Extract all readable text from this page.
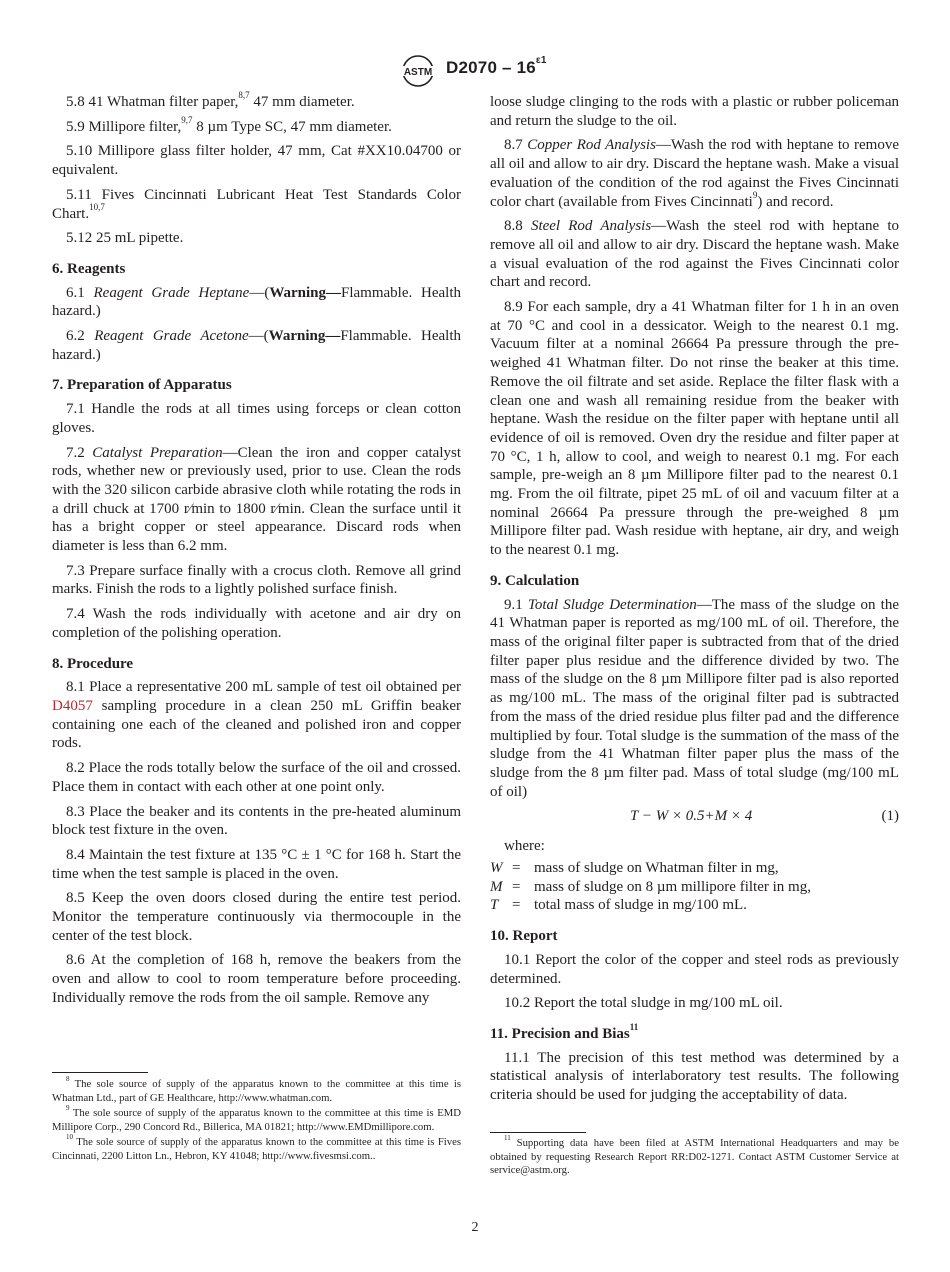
ASTM $D2070 - 16^{\varepsilon 1}$

5.8 41 Whatman filter paper,$^{8,7}$ 47 mm diameter.

5.9 Millipore filter,$^{9,7}$ 8 µm Type SC, 47 mm diameter.

5.10 Millipore glass filter holder, 47 mm, Cat #XX10.04700 or equivalent.

5.11 Fives Cincinnati Lubricant Heat Test Standards Color Chart.$^{10,7}$

5.12 25 mL pipette.

6. Reagents

6.1 Reagent Grade Heptane—(Warning—Flammable. Health hazard.)

6.2 Reagent Grade Acetone—(Warning—Flammable. Health hazard.)

7. Preparation of Apparatus

7.1 Handle the rods at all times using forceps or clean cotton gloves.

7.2 Catalyst Preparation—Clean the iron and copper catalyst rods, whether new or previously used, prior to use. Clean the rods with the 320 silicon carbide abrasive cloth while rotating the rods in a drill chuck at 1700 r⁄min to 1800 r⁄min. Clean the surface until it has a bright copper or steel appearance. Discard rods when diameter is less than 6.2 mm.

7.3 Prepare surface finally with a crocus cloth. Remove all grind marks. Finish the rods to a lightly polished surface finish.

7.4 Wash the rods individually with acetone and air dry on completion of the polishing operation.

8. Procedure

8.1 Place a representative 200 mL sample of test oil obtained per D4057 sampling procedure in a clean 250 mL Griffin beaker containing one each of the cleaned and polished iron and copper rods.

8.2 Place the rods totally below the surface of the oil and crossed. Place them in contact with each other at one point only.

8.3 Place the beaker and its contents in the pre-heated aluminum block test fixture in the oven.

8.4 Maintain the test fixture at 135 °C ± 1 °C for 168 h. Start the time when the test sample is placed in the oven.

8.5 Keep the oven doors closed during the entire test period. Monitor the temperature continuously via thermocouple in the center of the test block.

8.6 At the completion of 168 h, remove the beakers from the oven and allow to cool to room temperature before proceeding. Individually remove the rods from the oil sample. Remove any

loose sludge clinging to the rods with a plastic or rubber policeman and return the sludge to the oil.

8.7 Copper Rod Analysis—Wash the rod with heptane to remove all oil and allow to air dry. Discard the heptane wash. Make a visual evaluation of the condition of the rod against the Fives Cincinnati color chart (available from Fives Cincinnati$^9$) and record.

8.8 Steel Rod Analysis—Wash the steel rod with heptane to remove all oil and allow to air dry. Discard the heptane wash. Make a visual evaluation of the rod against the Fives Cincinnati color chart and record.

8.9 For each sample, dry a 41 Whatman filter for 1 h in an oven at 70 °C and cool in a dessicator. Weigh to the nearest 0.1 mg. Vacuum filter at a nominal 26664 Pa pressure through the pre-weighed 41 Whatman filter. Do not rinse the beaker at this time. Remove the oil filtrate and set aside. Replace the filter flask with a clean one and wash all remaining residue from the beaker with heptane. Wash the residue on the filter paper with heptane until all evidence of oil is removed. Oven dry the residue and filter paper at 70 °C, 1 h, allow to cool, and weigh to nearest 0.1 mg. For each sample, pre-weigh an 8 µm Millipore filter pad to the nearest 0.1 mg. From the oil filtrate, pipet 25 mL of oil and vacuum filter at a nominal 26664 Pa pressure through the pre-weighed 8 µm Millipore filter pad. Wash residue with heptane, air dry, and weigh to the nearest 0.1 mg.

9. Calculation

9.1 Total Sludge Determination—The mass of the sludge on the 41 Whatman paper is reported as mg/100 mL of oil. Therefore, the mass of the original filter paper is subtracted from that of the dried filter paper plus residue and the difference divided by two. The mass of the sludge on the 8 µm Millipore filter pad is also reported as mg/100 mL. The mass of the original filter pad is subtracted from the mass of the dried residue plus filter pad and the difference multiplied by four. Total sludge is the summation of the mass of the sludge from the 41 Whatman filter paper plus the mass of the sludge from the 8 µm filter pad. Mass of total sludge (mg/100 mL of oil)

T − W × 0.5+M × 4	(1)

where:

W = mass of sludge on Whatman filter in mg,
M = mass of sludge on 8 µm millipore filter in mg,
T = total mass of sludge in mg/100 mL.
10. Report

10.1 Report the color of the copper and steel rods as previously determined.

10.2 Report the total sludge in mg/100 mL oil.

11. Precision and Bias$^{11}$

11.1 The precision of this test method was determined by a statistical analysis of interlaboratory test results. The following criteria should be used for judging the acceptability of data.

$^8$ The sole source of supply of the apparatus known to the committee at this time is Whatman Ltd., part of GE Healthcare, http://www.whatman.com.

$^9$ The sole source of supply of the apparatus known to the committee at this time is EMD Millipore Corp., 290 Concord Rd., Billerica, MA 01821; http://www.EMDmillipore.com.

$^{10}$ The sole source of supply of the apparatus known to the committee at this time is Fives Cincinnati, 2200 Litton Ln., Hebron, KY 41048; http://www.fivesmsi.com..

$^{11}$ Supporting data have been filed at ASTM International Headquarters and may be obtained by requesting Research Report RR:D02-1271. Contact ASTM Customer Service at service@astm.org.

2
